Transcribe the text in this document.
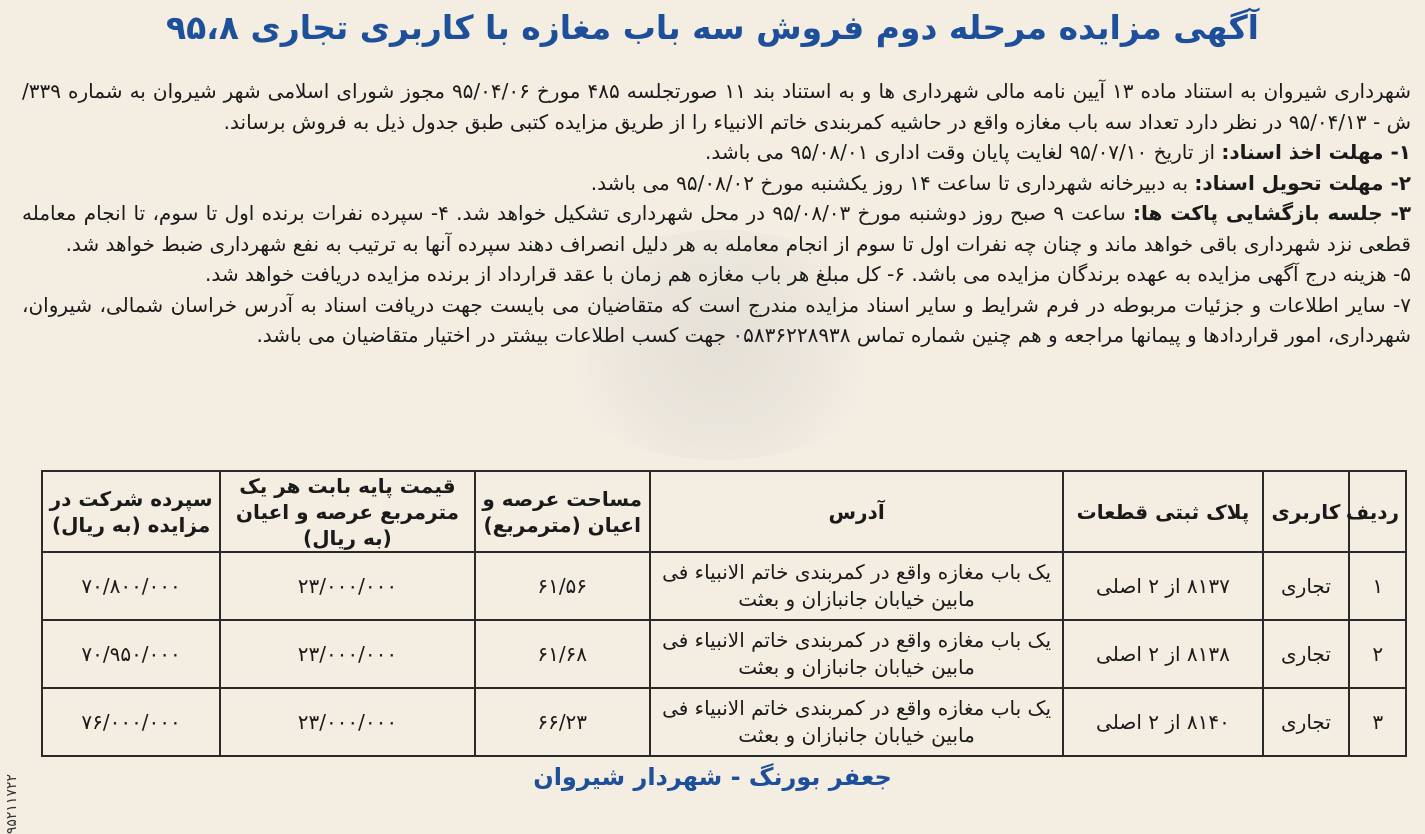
آگهی مزایده مرحله دوم فروش سه باب مغازه با کاربری تجاری ۹۵،۸

شهرداری شیروان به استناد ماده ۱۳ آیین نامه مالی شهرداری ها و به استناد بند ۱۱ صورتجلسه ۴۸۵ مورخ ۹۵/۰۴/۰۶ مجوز شورای اسلامی شهر شیروان به شماره ۳۳۹/ش - ۹۵/۰۴/۱۳ در نظر دارد تعداد سه باب مغازه واقع در حاشیه کمربندی خاتم الانبیاء را از طریق مزایده کتبی طبق جدول ذیل به فروش برساند.

۱- مهلت اخذ اسناد: از تاریخ ۹۵/۰۷/۱۰ لغایت پایان وقت اداری ۹۵/۰۸/۰۱ می باشد.

۲- مهلت تحویل اسناد: به دبیرخانه شهرداری تا ساعت ۱۴ روز یکشنبه مورخ ۹۵/۰۸/۰۲ می باشد.

۳- جلسه بازگشایی پاکت ها: ساعت ۹ صبح روز دوشنبه مورخ ۹۵/۰۸/۰۳ در محل شهرداری تشکیل خواهد شد. ۴- سپرده نفرات برنده اول تا سوم، تا انجام معامله قطعی نزد شهرداری باقی خواهد ماند و چنان چه نفرات اول تا سوم از انجام معامله به هر دلیل انصراف دهند سپرده آنها به ترتیب به نفع شهرداری ضبط خواهد شد.

۵- هزینه درج آگهی مزایده به عهده برندگان مزایده می باشد. ۶- کل مبلغ هر باب مغازه هم زمان با عقد قرارداد از برنده مزایده دریافت خواهد شد.

۷- سایر اطلاعات و جزئیات مربوطه در فرم شرایط و سایر اسناد مزایده مندرج است که متقاضیان می بایست جهت دریافت اسناد به آدرس خراسان شمالی، شیروان، شهرداری، امور قراردادها و پیمانها مراجعه و هم چنین شماره تماس ۰۵۸۳۶۲۲۸۹۳۸ جهت کسب اطلاعات بیشتر در اختیار متقاضیان می باشد.

ردیف	کاربری	پلاک ثبتی قطعات	آدرس	مساحت عرصه و اعیان (مترمربع)	قیمت پایه بابت هر یک مترمربع عرصه و اعیان (به ریال)	سپرده شرکت در مزایده (به ریال)
۱	تجاری	۸۱۳۷ از ۲ اصلی	یک باب مغازه واقع در کمربندی خاتم الانبیاء فی مابین خیابان جانبازان و بعثت	۶۱/۵۶	۲۳/۰۰۰/۰۰۰	۷۰/۸۰۰/۰۰۰
۲	تجاری	۸۱۳۸ از ۲ اصلی	یک باب مغازه واقع در کمربندی خاتم الانبیاء فی مابین خیابان جانبازان و بعثت	۶۱/۶۸	۲۳/۰۰۰/۰۰۰	۷۰/۹۵۰/۰۰۰
۳	تجاری	۸۱۴۰ از ۲ اصلی	یک باب مغازه واقع در کمربندی خاتم الانبیاء فی مابین خیابان جانبازان و بعثت	۶۶/۲۳	۲۳/۰۰۰/۰۰۰	۷۶/۰۰۰/۰۰۰
جعفر بورنگ - شهردار شیروان
۹۵۲۱۱۷۲۲
